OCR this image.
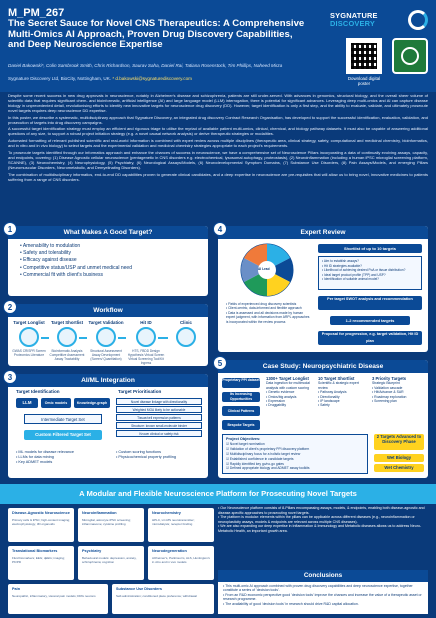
M_PM_267
The Secret Sauce for Novel CNS Therapeutics: A Comprehensive Multi-Omics AI Approach, Proven Drug Discovery Capabilities, and Deep Neuroscience Expertise
Daniel Bakowski*, Colin Sambrook Smith, Chris Richardson, Saurav Saha, Daniel Rai, Tatiana Rosenstock, Tim Phillips, Naheed Mirza
Sygnature Discovery Ltd, BioCity, Nottingham, UK. * d.bakowski@sygnaturediscovery.com
SYGNATURE
DISCOVERY
Download digital poster

Despite some recent success in new drug approvals in neuroscience, notably in Alzheimer's disease and schizophrenia, patients are still under-served. With advances in genomics, structural biology, and the overall sheer volume of scientific data that requires significant chem- and bioinformatic, artificial intelligence (AI) and large language model (LLM) interrogation, there is potential for significant advances. Leveraging deep multi-omics and AI can capture disease biology in unprecedented detail, revolutionising efforts to identify new innovative targets for neuroscience drug discovery (DD). However, target identification is only a first step, and the ability to evaluate, validate, and ultimately prosecute novel targets requires deep neuroscience DD expertise.

In this poster, we describe a systematic, multidisciplinary approach that Sygnature Discovery, an integrated drug discovery Contract Research Organisation, has developed to support the successful identification, evaluation, validation, and prosecution of targets into drug discovery campaigns.

A successful target identification strategy must employ an efficient and rigorous triage to utilise the myriad of available patient multi-omics, clinical, chemical, and biology pathway datasets. It must also be capable of answering additional questions of any size, to support a robust project initiation strategy (e.g. a novel causal network analysis) or derive therapeutic strategies or modalities.

Automated formatting of relevant published scientific and real-world information is combined with expert review across multiple disciplines (therapeutic area, clinical strategy, safety, computational and medicinal chemistry, bioinformatics, and in vitro and in vivo biology) to select targets and the experimental validation and medicinal chemistry strategies appropriate to each project's requirements.

To prosecute targets identified through our informatics approach and enhance the chances of success in neuroscience, we have a comprehensive set of Neuroscience Pillars incorporating a data of continually evolving assays, capacity, and endpoints, covering: (1) Disease Agnostic cellular neuroscience (pentagenetic in CNS disorders e.g. electrochemical, lysosomal autophagy, proteostasis), (2) Neuroinflammation (including a human iPSC microglial screening platform, SCANNE), (3) Neurochemistry, (4) Neurophysiology, (5) Psychiatry, (6) Neurological Assays/Models, (6) Neurodevelopmental Symptom Domains, (7) Substance Use Disorders, (8) Pain Assays/Models, and emerging Pillars (Neuromuscular Disorders, Neurometabolic, and Demyelinating Disorders).

The combination of multidisciplinary informatics, end-to-end DD capabilities proven to generate clinical candidates, and a deep expertise in neuroscience are pre-requisites that will allow us to bring novel, innovative medicines to patients suffering from a range of CNS disorders.

What Makes A Good Target?
1
• Amenability to modulation
• Safety and tolerability
• Efficacy against disease
• Competitive status/USP and unmet medical need
• Commercial fit with client's business
Workflow
2
Target Longlist
GWAS CRISPR Screen Proteomics Literature
Target Shortlist
Bioinformatic Analysis Competitive Assessment Assay Tractability
Target Validation
Structural Assessment Assay Development (Screen/ Quantitation)
Hit ID
HTS, FBDD Design Hypothesis Virtual Screen Virtual Screening Tool/Kit Ingress
Clinic
AI/ML Integration
3
Target Identification
LLM	Omic models	Knowledge-graph
Intermediate Target Set
Custom Filtered Target Set
Target Prioritisation
Novel disease linkage with directionality
Weighted MOA likely to be actionable
Tissue/cell expression patterns
Structure: known small-molecule binder
Known clinical or safety risk
• ML models for disease relevance
• LLMs for data mining
• Key ADMET models
• Custom scoring functions
• Physicochemical property profiling
Expert Review
4
AI Lead
Shortlist of up to 10 targets
• Aim to establish assays?
• Hit ID strategies available?
• Likelihood of achieving desired PoA or tissue distribution?
• Ideal target product profile (TPP) and USP?
• Identification of suitable animal model?
• Fields of experienced drug discovery scientists
• Client-centric, data-informed and flexible approach
• Data is assessed and all decisions made by human expert judgment, with information from ARPL approaches is incorporated within the review process
Per target SWOT analysis and recommendation
1-2 recommended targets
Proposal for progression, e.g. target validation, Hit ID plan
Case Study: Neuropsychiatric Disease
5
Proprietary PPI dataset
Its Increasing Opportunities
Clinical Patterns
Bespoke Targets
1300+ Target Longlist
Data ingestion for multimodal analysis with custom scoring
• Genetic evidence
• Omics/big analysis
• Expression
• Druggability
10 Target Shortlist
Scientific & strategic expert review
• Pathway Analysis
• Directionality
• IP landscape
• Safety
3 Priority Targets
Strategic Blueprint
• Validation cascade
• Hit/Advance & SAR
• Roadmap exploration
• Screening plan
Project Objectives:
☑ Novel target nomination
☑ Validation of client's proprietary PPI discovery platform
☑ Multidisciplinary focus for a holistic target review
☑ Established confidence in candidate targets
☑ Rapidly identified key go/no-go gates
☑ Defined appropriate biology and ADMET assay toolkits
2 Targets Advanced to Discovery Phase
Wet Biology
Wet Chemistry
A Modular and Flexible Neuroscience Platform for Prosecuting Novel Targets
Disease-Agnostic Neuroscience
Primary cells & iPSC; high-content imaging; electrophysiology; 3D organoids
Neuroinflammation
Microglial, astrocyte iPSC screening; inflammasome; cytokine profiling
Neurochemistry
HPLC, LC-MS neurotransmitter; microdialysis; receptor binding
Translational Biomarkers
Fluid biomarkers; EEG; qEEG; imaging; PK/PD
Psychiatry
Behavioural models: depression, anxiety, schizophrenia; cognition
Neurodegeneration
Alzheimer's, Parkinson's, ALS, Huntington's in vitro and in vivo models
Pain
Neuropathic, inflammatory, visceral pain models; DRG neurons
Substance Use Disorders
Self-administration; conditioned place preference; withdrawal
• Our Neuroscience platform consists of 8-Pillars encompassing assays, models, & endpoints, enabling both disease-agnostic and disease-specific approaches to prosecuting novel targets.
• The platform is modular: elements within the pillars can be applicable across different diseases (e.g., neuroinflammation or neuroplasticity assays, models & endpoints are relevant across multiple CNS diseases).
• We are also expanding our deep expertise in Inflammation & Immunology and Metabolic diseases allows us to address Neuro-Metabolic Health, an important growth area.
Conclusions
• This multi-omic AI approach combined with proven drug discovery capabilities and deep neuroscience expertise, together constitute a series of 'decision tools'.
• From an R&D economic perspective good 'decision tools' improve the chances and increase the value of a therapeutic asset or research programme.
• The availability of good 'decision tools' in research should drive R&D capital allocation.
